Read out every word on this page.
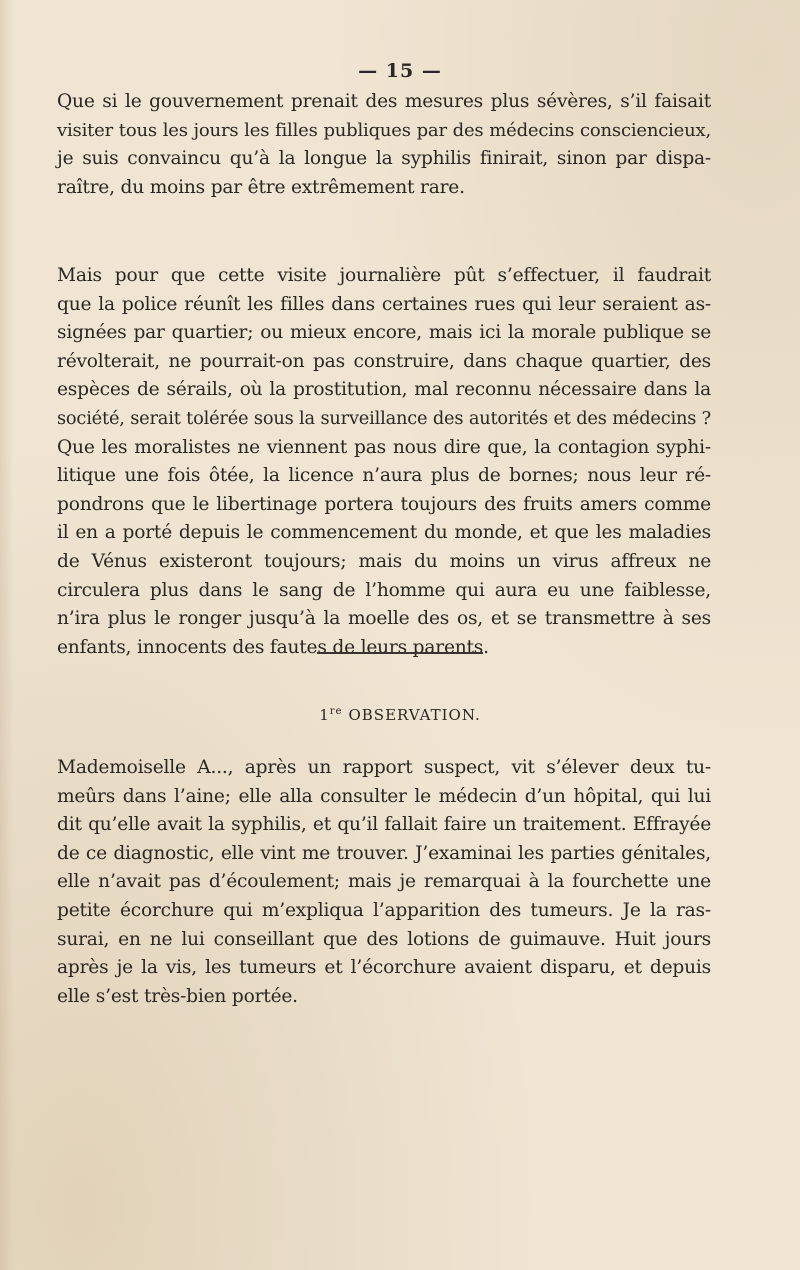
— 15 —
Que si le gouvernement prenait des mesures plus sévères, s’il faisait
visiter tous les jours les filles publiques par des médecins consciencieux,
je suis convaincu qu’à la longue la syphilis finirait, sinon par dispa-
raître, du moins par être extrêmement rare.
Mais pour que cette visite journalière pût s’effectuer, il faudrait
que la police réunît les filles dans certaines rues qui leur seraient as-
signées par quartier; ou mieux encore, mais ici la morale publique se
révolterait, ne pourrait-on pas construire, dans chaque quartier, des
espèces de sérails, où la prostitution, mal reconnu nécessaire dans la
société, serait tolérée sous la surveillance des autorités et des médecins ?
Que les moralistes ne viennent pas nous dire que, la contagion syphi-
litique une fois ôtée, la licence n’aura plus de bornes; nous leur ré-
pondrons que le libertinage portera toujours des fruits amers comme
il en a porté depuis le commencement du monde, et que les maladies
de Vénus existeront toujours; mais du moins un virus affreux ne
circulera plus dans le sang de l’homme qui aura eu une faiblesse,
n’ira plus le ronger jusqu’à la moelle des os, et se transmettre à ses
enfants, innocents des fautes de leurs parents.
1re OBSERVATION.
Mademoiselle A..., après un rapport suspect, vit s’élever deux tu-
meûrs dans l’aine; elle alla consulter le médecin d’un hôpital, qui lui
dit qu’elle avait la syphilis, et qu’il fallait faire un traitement. Effrayée
de ce diagnostic, elle vint me trouver. J’examinai les parties génitales,
elle n’avait pas d’écoulement; mais je remarquai à la fourchette une
petite écorchure qui m’expliqua l’apparition des tumeurs. Je la ras-
surai, en ne lui conseillant que des lotions de guimauve. Huit jours
après je la vis, les tumeurs et l’écorchure avaient disparu, et depuis
elle s’est très-bien portée.
